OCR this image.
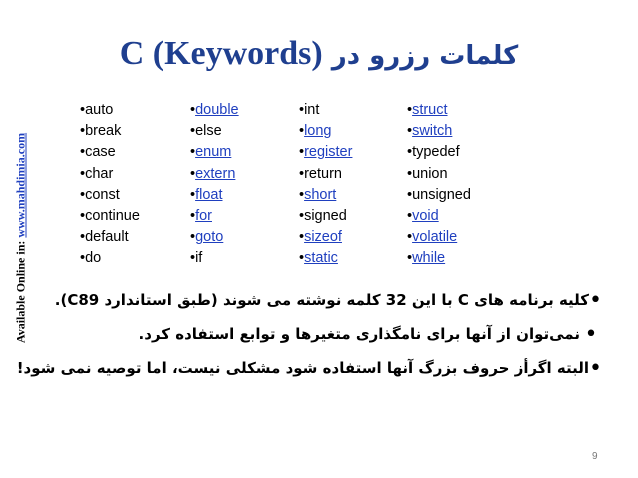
Available Online in: www.mahdimia.com
کلمات رزرو در C (Keywords)
•auto
•break
•case
•char
•const
•continue
•default
•do
•double
•else
•enum
•extern
•float
•for
•goto
•if
•int
•long
•register
•return
•short
•signed
•sizeof
•static
•struct
•switch
•typedef
•union
•unsigned
•void
•volatile
•while
•
کلیه برنامه های C با این 32 کلمه نوشته می شوند (طبق استاندارد C89).
•
نمی‌توان از آنها برای نامگذاری متغیرها و توابع استفاده کرد.
•
البته اگرأز حروف بزرگ آنها استفاده شود مشکلی نیست، اما توصیه نمی شود!
9
